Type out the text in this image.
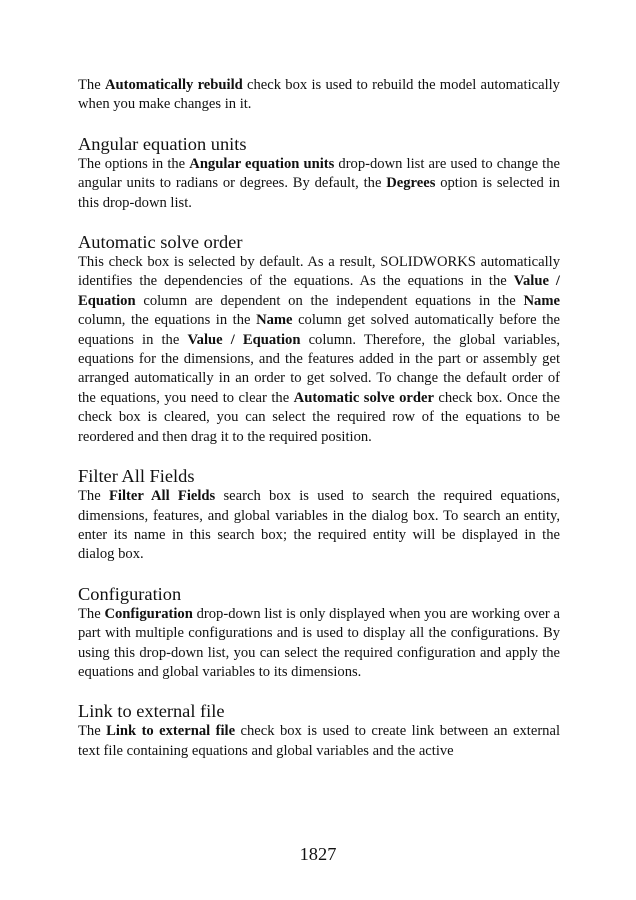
The Automatically rebuild check box is used to rebuild the model automatically when you make changes in it.

Angular equation units

The options in the Angular equation units drop-down list are used to change the angular units to radians or degrees. By default, the Degrees option is selected in this drop-down list.

Automatic solve order

This check box is selected by default. As a result, SOLIDWORKS automatically identifies the dependencies of the equations. As the equations in the Value / Equation column are dependent on the independent equations in the Name column, the equations in the Name column get solved automatically before the equations in the Value / Equation column. Therefore, the global variables, equations for the dimensions, and the features added in the part or assembly get arranged automatically in an order to get solved. To change the default order of the equations, you need to clear the Automatic solve order check box. Once the check box is cleared, you can select the required row of the equations to be reordered and then drag it to the required position.

Filter All Fields

The Filter All Fields search box is used to search the required equations, dimensions, features, and global variables in the dialog box. To search an entity, enter its name in this search box; the required entity will be displayed in the dialog box.

Configuration

The Configuration drop-down list is only displayed when you are working over a part with multiple configurations and is used to display all the configurations. By using this drop-down list, you can select the required configuration and apply the equations and global variables to its dimensions.

Link to external file

The Link to external file check box is used to create link between an external text file containing equations and global variables and the active

1827
